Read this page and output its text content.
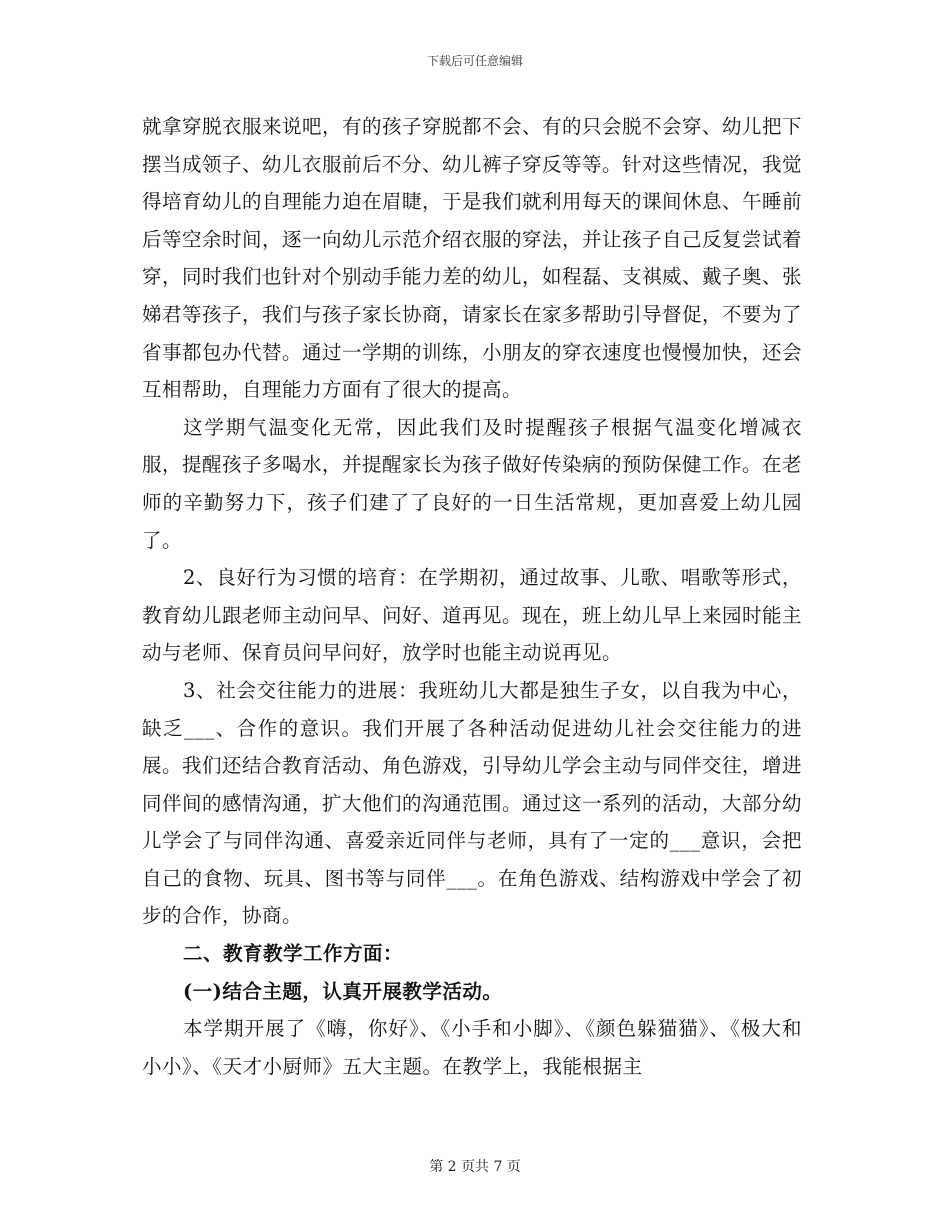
下载后可任意编辑

就拿穿脱衣服来说吧，有的孩子穿脱都不会、有的只会脱不会穿、幼儿把下摆当成领子、幼儿衣服前后不分、幼儿裤子穿反等等。针对这些情况，我觉得培育幼儿的自理能力迫在眉睫，于是我们就利用每天的课间休息、午睡前后等空余时间，逐一向幼儿示范介绍衣服的穿法，并让孩子自己反复尝试着穿，同时我们也针对个别动手能力差的幼儿，如程磊、支祺威、戴子奥、张娣君等孩子，我们与孩子家长协商，请家长在家多帮助引导督促，不要为了省事都包办代替。通过一学期的训练，小朋友的穿衣速度也慢慢加快，还会互相帮助，自理能力方面有了很大的提高。

这学期气温变化无常，因此我们及时提醒孩子根据气温变化增减衣服，提醒孩子多喝水，并提醒家长为孩子做好传染病的预防保健工作。在老师的辛勤努力下，孩子们建了了良好的一日生活常规，更加喜爱上幼儿园了。

2、良好行为习惯的培育：在学期初，通过故事、儿歌、唱歌等形式，教育幼儿跟老师主动问早、问好、道再见。现在，班上幼儿早上来园时能主动与老师、保育员问早问好，放学时也能主动说再见。

3、社会交往能力的进展：我班幼儿大都是独生子女，以自我为中心，缺乏___、合作的意识。我们开展了各种活动促进幼儿社会交往能力的进展。我们还结合教育活动、角色游戏，引导幼儿学会主动与同伴交往，增进同伴间的感情沟通，扩大他们的沟通范围。通过这一系列的活动，大部分幼儿学会了与同伴沟通、喜爱亲近同伴与老师，具有了一定的___意识，会把自己的食物、玩具、图书等与同伴___。在角色游戏、结构游戏中学会了初步的合作，协商。

二、教育教学工作方面：

(一)结合主题，认真开展教学活动。

本学期开展了《嗨，你好》、《小手和小脚》、《颜色躲猫猫》、《极大和小小》、《天才小厨师》五大主题。在教学上，我能根据主

第 2 页共 7 页
